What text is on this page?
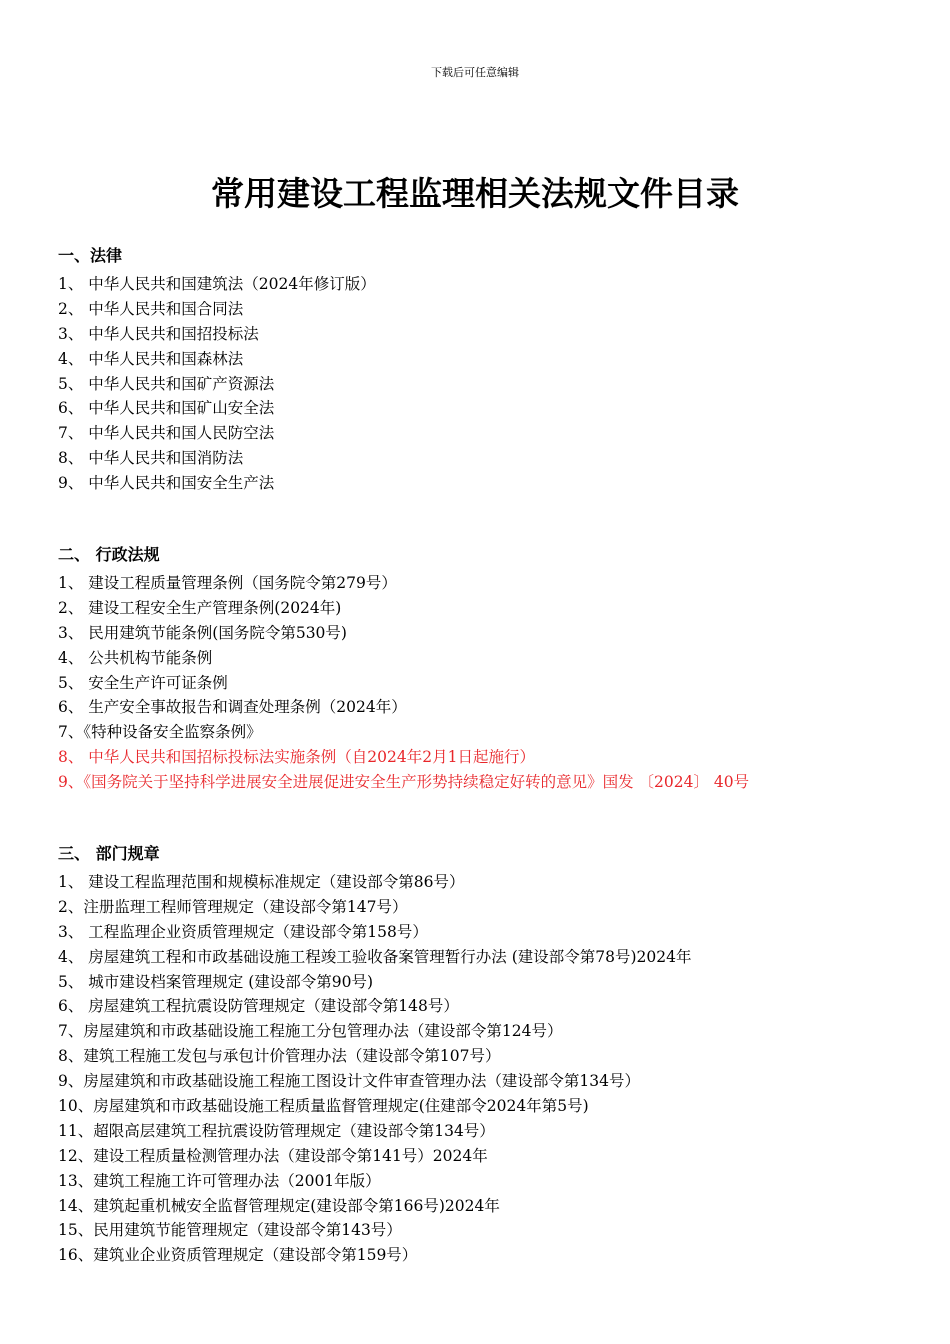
下载后可任意编辑
常用建设工程监理相关法规文件目录
一、法律
1、 中华人民共和国建筑法（2024年修订版）
2、 中华人民共和国合同法
3、 中华人民共和国招投标法
4、 中华人民共和国森林法
5、 中华人民共和国矿产资源法
6、 中华人民共和国矿山安全法
7、 中华人民共和国人民防空法
8、 中华人民共和国消防法
9、 中华人民共和国安全生产法
二、 行政法规
1、 建设工程质量管理条例（国务院令第279号）
2、 建设工程安全生产管理条例(2024年)
3、 民用建筑节能条例(国务院令第530号)
4、 公共机构节能条例
5、 安全生产许可证条例
6、 生产安全事故报告和调查处理条例（2024年）
7、《特种设备安全监察条例》
8、 中华人民共和国招标投标法实施条例（自2024年2月1日起施行）
9、《国务院关于坚持科学进展安全进展促进安全生产形势持续稳定好转的意见》国发 〔2024〕 40号
三、 部门规章
1、 建设工程监理范围和规模标准规定（建设部令第86号）
2、注册监理工程师管理规定（建设部令第147号）
3、 工程监理企业资质管理规定（建设部令第158号）
4、 房屋建筑工程和市政基础设施工程竣工验收备案管理暂行办法 (建设部令第78号)2024年
5、 城市建设档案管理规定 (建设部令第90号)
6、 房屋建筑工程抗震设防管理规定（建设部令第148号）
7、房屋建筑和市政基础设施工程施工分包管理办法（建设部令第124号）
8、建筑工程施工发包与承包计价管理办法（建设部令第107号）
9、房屋建筑和市政基础设施工程施工图设计文件审查管理办法（建设部令第134号）
10、房屋建筑和市政基础设施工程质量监督管理规定(住建部令2024年第5号)
11、超限高层建筑工程抗震设防管理规定（建设部令第134号）
12、建设工程质量检测管理办法（建设部令第141号）2024年
13、建筑工程施工许可管理办法（2001年版）
14、建筑起重机械安全监督管理规定(建设部令第166号)2024年
15、民用建筑节能管理规定（建设部令第143号）
16、建筑业企业资质管理规定（建设部令第159号）
